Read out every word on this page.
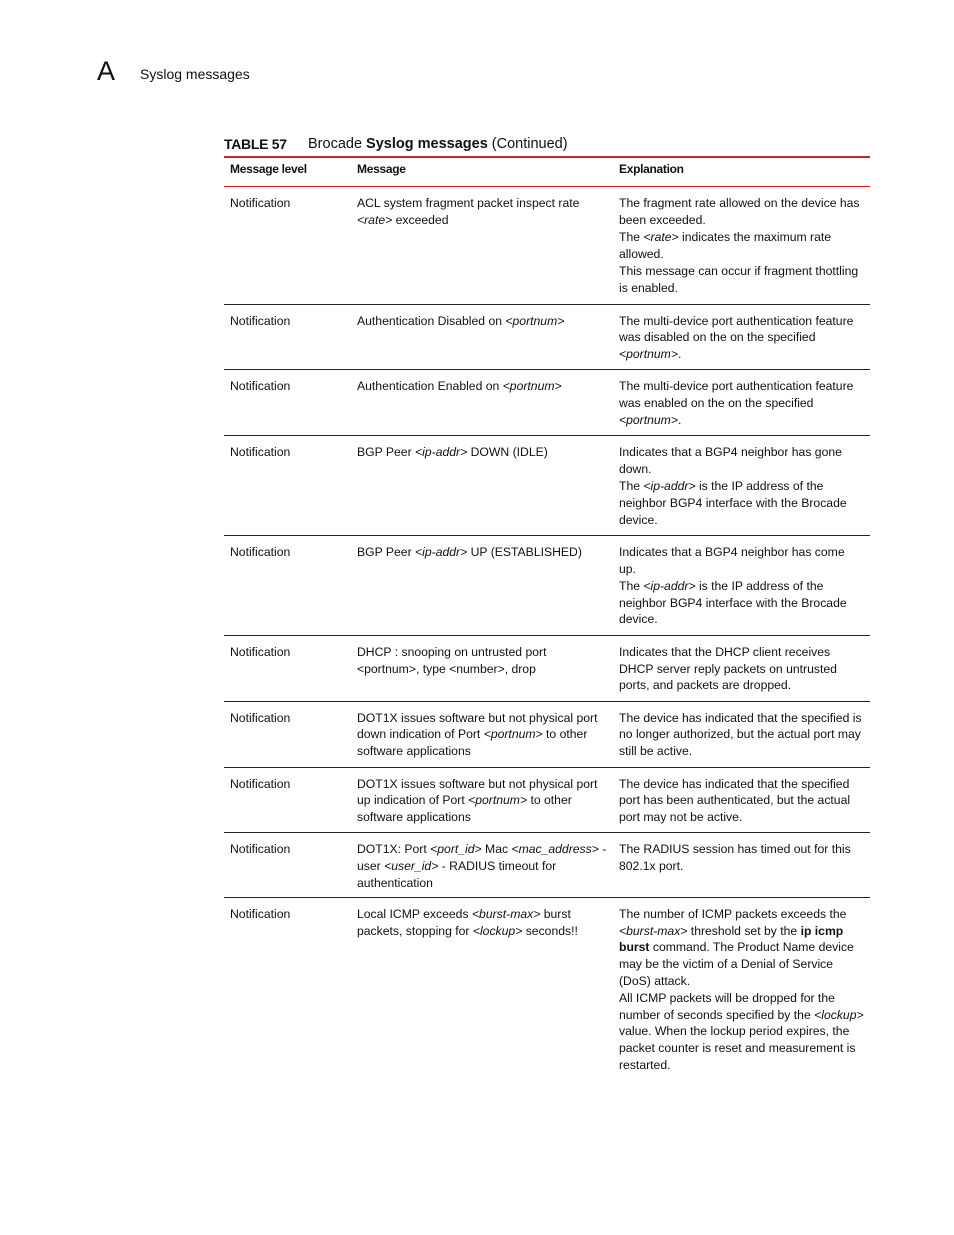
A Syslog messages
TABLE 57 Brocade Syslog messages (Continued)
Message level	Message	Explanation
Notification	ACL system fragment packet inspect rate <rate> exceeded	The fragment rate allowed on the device has been exceeded.

The <rate> indicates the maximum rate allowed.

This message can occur if fragment thottling is enabled.

Notification	Authentication Disabled on <portnum>	The multi-device port authentication feature was disabled on the on the specified <portnum>.

Notification	Authentication Enabled on <portnum>	The multi-device port authentication feature was enabled on the on the specified <portnum>.

Notification	BGP Peer <ip-addr> DOWN (IDLE)	Indicates that a BGP4 neighbor has gone down.

The <ip-addr> is the IP address of the neighbor BGP4 interface with the Brocade device.

Notification	BGP Peer <ip-addr> UP (ESTABLISHED)	Indicates that a BGP4 neighbor has come up.

The <ip-addr> is the IP address of the neighbor BGP4 interface with the Brocade device.

Notification	DHCP : snooping on untrusted port <portnum>, type <number>, drop	Indicates that the DHCP client receives DHCP server reply packets on untrusted ports, and packets are dropped.

Notification	DOT1X issues software but not physical port down indication of Port <portnum> to other software applications	The device has indicated that the specified is no longer authorized, but the actual port may still be active.

Notification	DOT1X issues software but not physical port up indication of Port <portnum> to other software applications	The device has indicated that the specified port has been authenticated, but the actual port may not be active.

Notification	DOT1X: Port <port_id> Mac <mac_address> -user <user_id> - RADIUS timeout for authentication	The RADIUS session has timed out for this 802.1x port.

Notification	Local ICMP exceeds <burst-max> burst packets, stopping for <lockup> seconds!!	The number of ICMP packets exceeds the <burst-max> threshold set by the ip icmp burst command. The Product Name device may be the victim of a Denial of Service (DoS) attack.

All ICMP packets will be dropped for the number of seconds specified by the <lockup> value. When the lockup period expires, the packet counter is reset and measurement is restarted.
